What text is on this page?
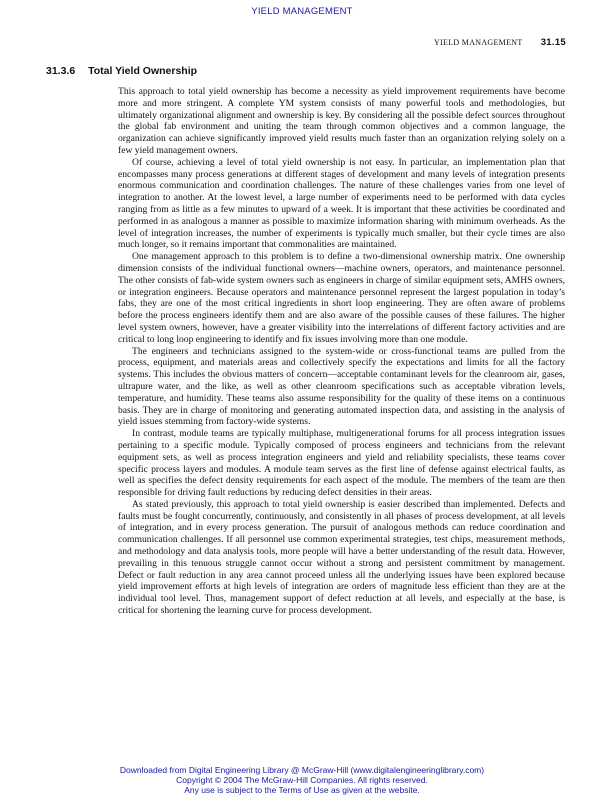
YIELD MANAGEMENT
YIELD MANAGEMENT 31.15
31.3.6 Total Yield Ownership

This approach to total yield ownership has become a necessity as yield improvement requirements have become more and more stringent. A complete YM system consists of many powerful tools and methodologies, but ultimately organizational alignment and ownership is key. By considering all the possible defect sources throughout the global fab environment and uniting the team through common objectives and a common language, the organization can achieve significantly improved yield results much faster than an organization relying solely on a few yield management owners.

Of course, achieving a level of total yield ownership is not easy. In particular, an implementation plan that encompasses many process generations at different stages of development and many levels of integration presents enormous communication and coordination challenges. The nature of these challenges varies from one level of integration to another. At the lowest level, a large number of experiments need to be performed with data cycles ranging from as little as a few minutes to upward of a week. It is important that these activities be coordinated and performed in as analogous a manner as possible to maximize information sharing with minimum overheads. As the level of integration increases, the number of experiments is typically much smaller, but their cycle times are also much longer, so it remains important that commonalities are maintained.

One management approach to this problem is to define a two-dimensional ownership matrix. One ownership dimension consists of the individual functional owners—machine owners, operators, and maintenance personnel. The other consists of fab-wide system owners such as engineers in charge of similar equipment sets, AMHS owners, or integration engineers. Because operators and maintenance personnel represent the largest population in today’s fabs, they are one of the most critical ingredients in short loop engineering. They are often aware of problems before the process engineers identify them and are also aware of the possible causes of these failures. The higher level system owners, however, have a greater visibility into the interrelations of different factory activities and are critical to long loop engineering to identify and fix issues involving more than one module.

The engineers and technicians assigned to the system-wide or cross-functional teams are pulled from the process, equipment, and materials areas and collectively specify the expectations and limits for all the factory systems. This includes the obvious matters of concern—acceptable contaminant levels for the cleanroom air, gases, ultrapure water, and the like, as well as other cleanroom specifications such as acceptable vibration levels, temperature, and humidity. These teams also assume responsibility for the quality of these items on a continuous basis. They are in charge of monitoring and generating automated inspection data, and assisting in the analysis of yield issues stemming from factory-wide systems.

In contrast, module teams are typically multiphase, multigenerational forums for all process integration issues pertaining to a specific module. Typically composed of process engineers and technicians from the relevant equipment sets, as well as process integration engineers and yield and reliability specialists, these teams cover specific process layers and modules. A module team serves as the first line of defense against electrical faults, as well as specifies the defect density requirements for each aspect of the module. The members of the team are then responsible for driving fault reductions by reducing defect densities in their areas.

As stated previously, this approach to total yield ownership is easier described than implemented. Defects and faults must be fought concurrently, continuously, and consistently in all phases of process development, at all levels of integration, and in every process generation. The pursuit of analogous methods can reduce coordination and communication challenges. If all personnel use common experimental strategies, test chips, measurement methods, and methodology and data analysis tools, more people will have a better understanding of the result data. However, prevailing in this tenuous struggle cannot occur without a strong and persistent commitment by management. Defect or fault reduction in any area cannot proceed unless all the underlying issues have been explored because yield improvement efforts at high levels of integration are orders of magnitude less efficient than they are at the individual tool level. Thus, management support of defect reduction at all levels, and especially at the base, is critical for shortening the learning curve for process development.

Downloaded from Digital Engineering Library @ McGraw-Hill (www.digitalengineeringlibrary.com)
Copyright © 2004 The McGraw-Hill Companies. All rights reserved.
Any use is subject to the Terms of Use as given at the website.
